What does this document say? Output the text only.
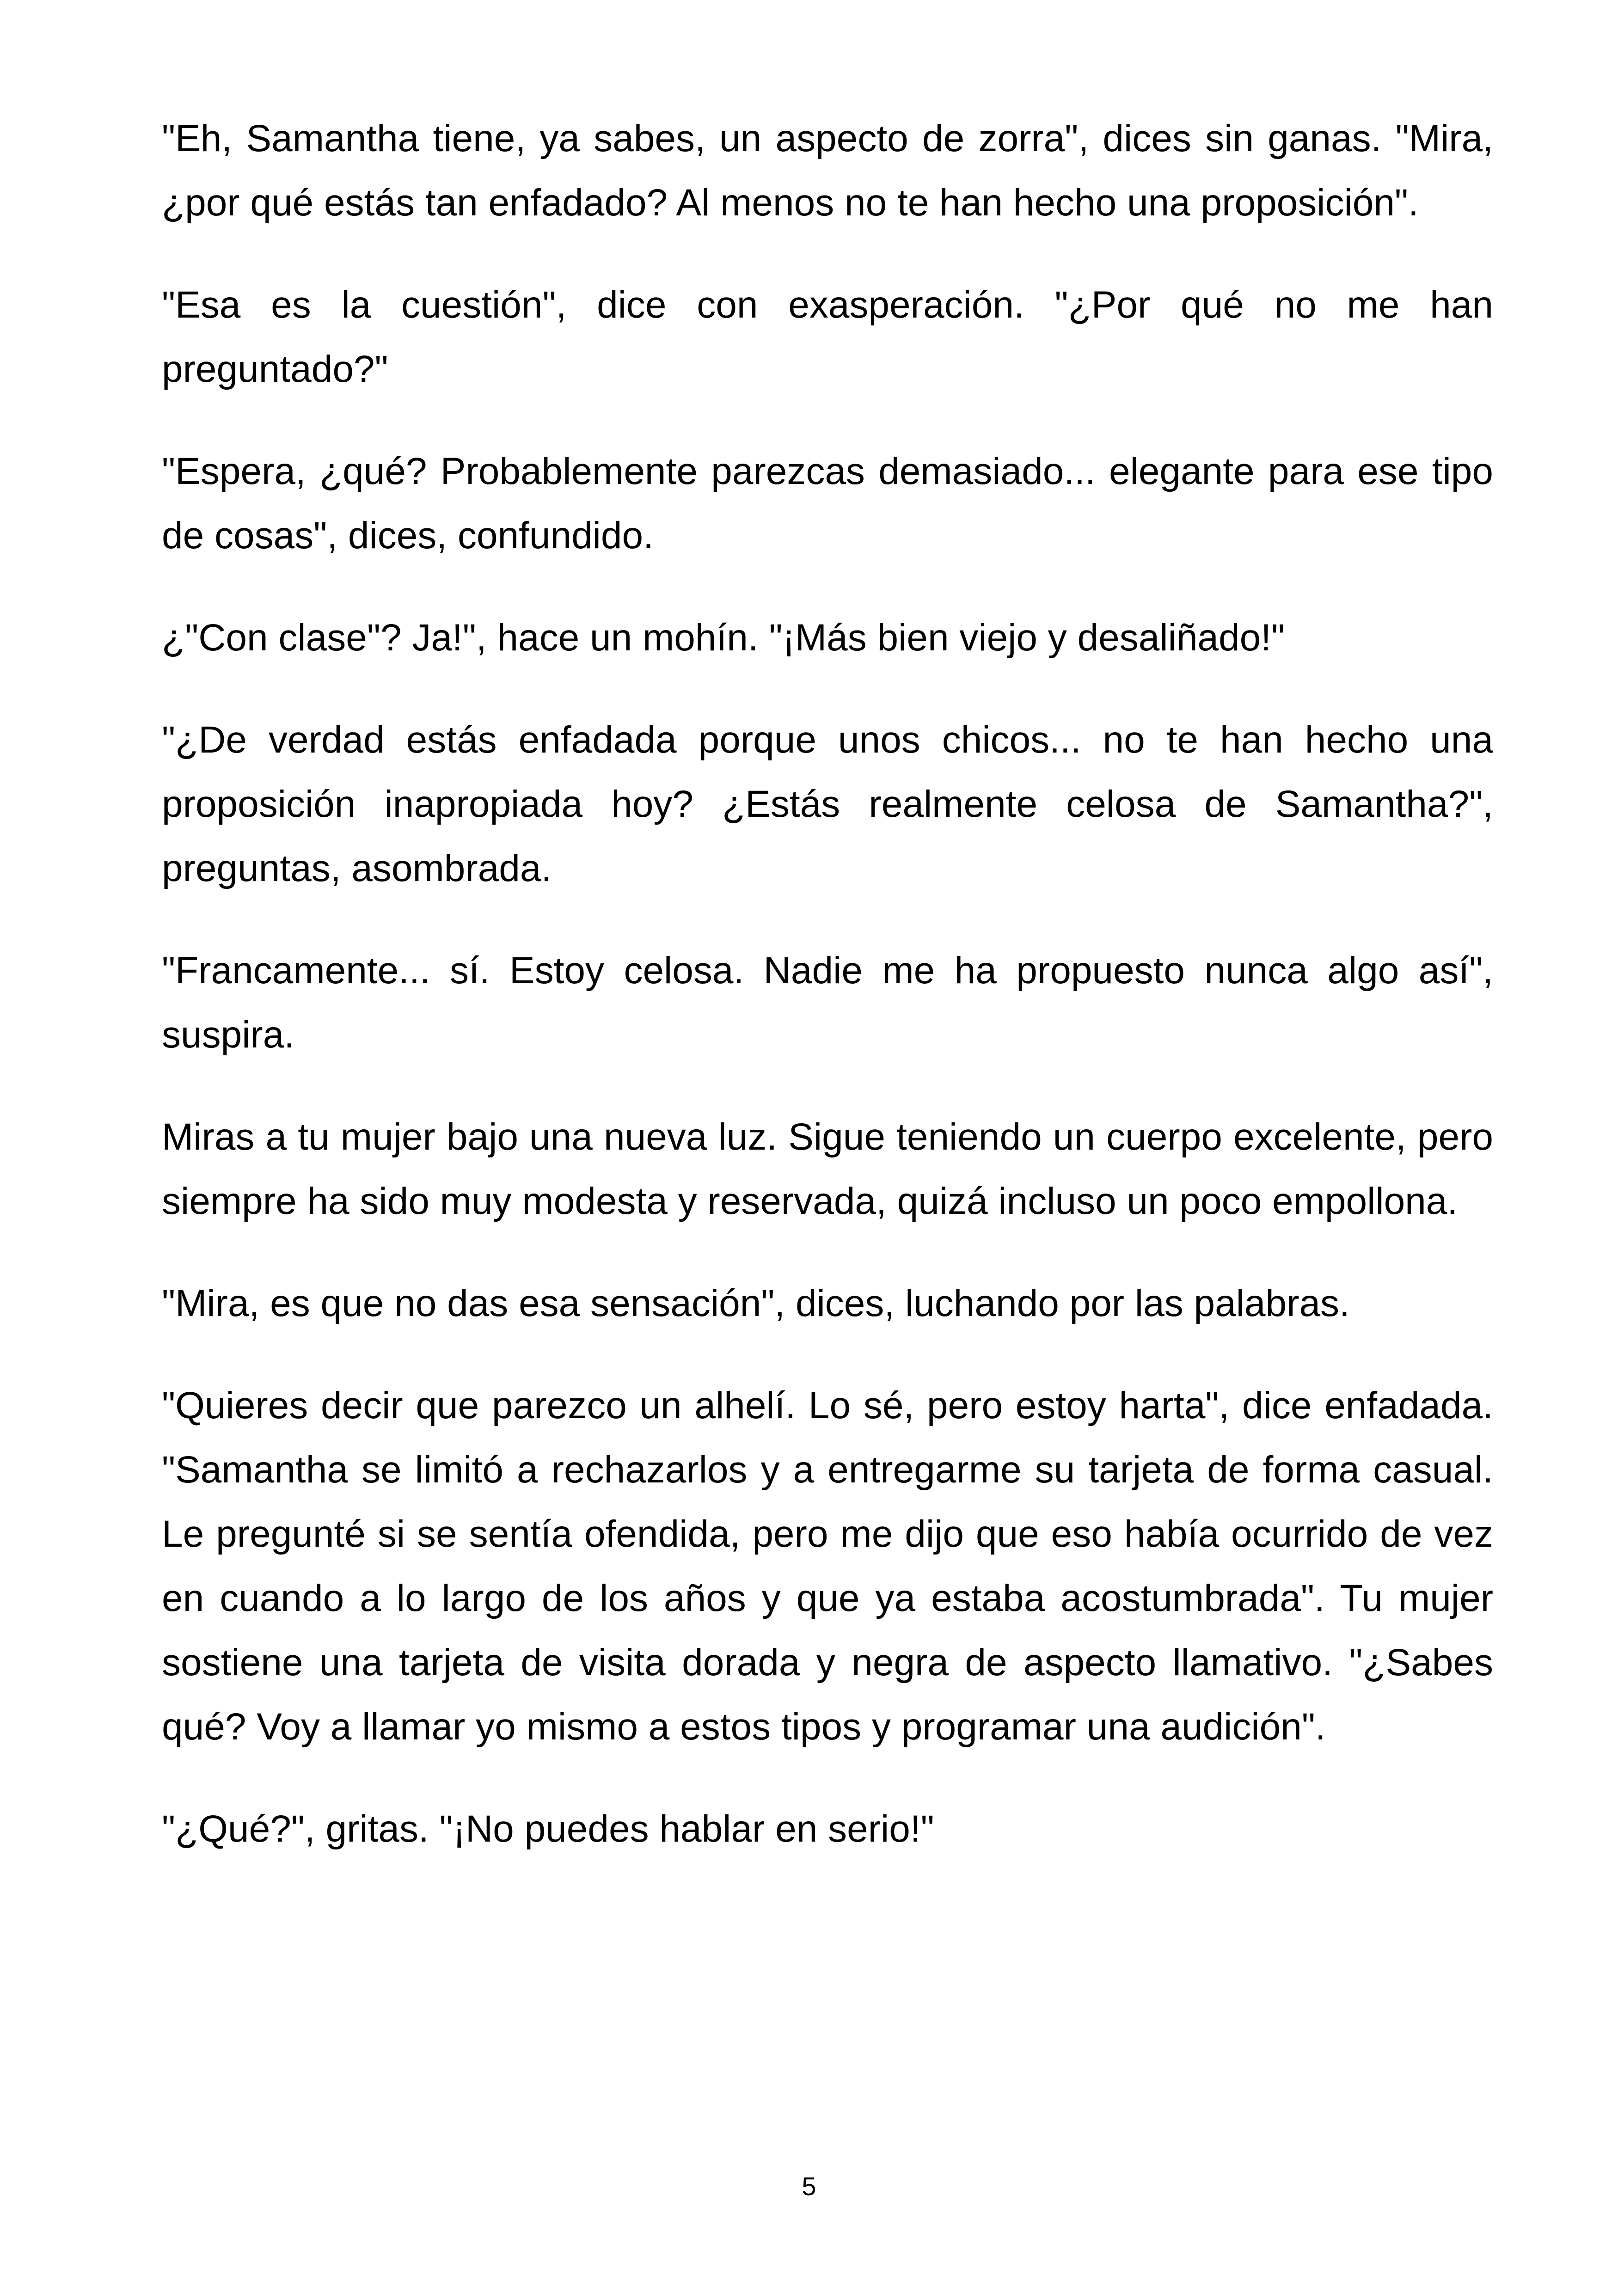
"Eh, Samantha tiene, ya sabes, un aspecto de zorra", dices sin ganas. "Mira, ¿por qué estás tan enfadado? Al menos no te han hecho una proposición".

"Esa es la cuestión", dice con exasperación. "¿Por qué no me han preguntado?"

"Espera, ¿qué? Probablemente parezcas demasiado... elegante para ese tipo de cosas", dices, confundido.

¿"Con clase"? Ja!", hace un mohín. "¡Más bien viejo y desaliñado!"

"¿De verdad estás enfadada porque unos chicos... no te han hecho una proposición inapropiada hoy? ¿Estás realmente celosa de Samantha?", preguntas, asombrada.

"Francamente... sí. Estoy celosa. Nadie me ha propuesto nunca algo así", suspira.

Miras a tu mujer bajo una nueva luz. Sigue teniendo un cuerpo excelente, pero siempre ha sido muy modesta y reservada, quizá incluso un poco empollona.

"Mira, es que no das esa sensación", dices, luchando por las palabras.

"Quieres decir que parezco un alhelí. Lo sé, pero estoy harta", dice enfadada. "Samantha se limitó a rechazarlos y a entregarme su tarjeta de forma casual. Le pregunté si se sentía ofendida, pero me dijo que eso había ocurrido de vez en cuando a lo largo de los años y que ya estaba acostumbrada". Tu mujer sostiene una tarjeta de visita dorada y negra de aspecto llamativo. "¿Sabes qué? Voy a llamar yo mismo a estos tipos y programar una audición".

"¿Qué?", gritas. "¡No puedes hablar en serio!"

5
